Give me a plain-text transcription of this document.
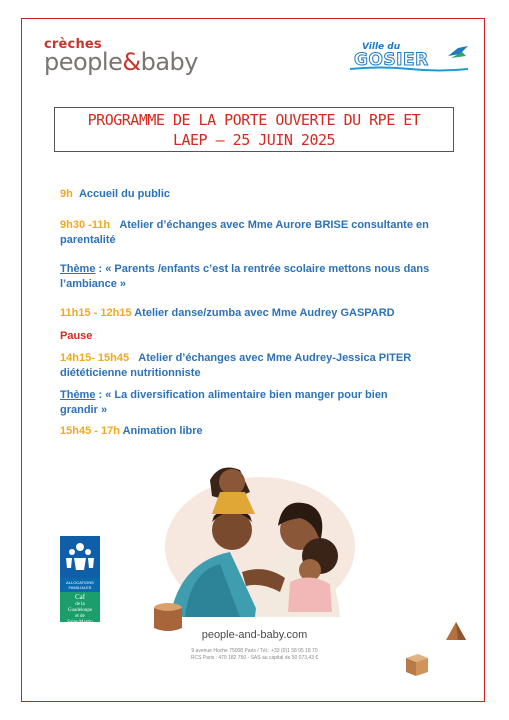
crèches
people&baby
Ville du
GOSIER
PROGRAMME DE LA PORTE OUVERTE DU RPE ET
LAEP – 25 JUIN 2025
9h Accueil du public
9h30 -11h Atelier d’échanges avec Mme Aurore BRISE consultante en
parentalité
Thème : « Parents /enfants c’est la rentrée scolaire mettons nous dans
l’ambiance »
11h15 - 12h15 Atelier danse/zumba avec Mme Audrey GASPARD
Pause
14h15- 15h45 Atelier d’échanges avec Mme Audrey-Jessica PITER
diététicienne nutritionniste
Thème : « La diversification alimentaire bien manger pour bien
grandir »
15h45 - 17h Animation libre
ALLOCATIONS
FAMILIALES
Caf
de la
Guadeloupe
et de
Saint-Martin
people-and-baby.com
9 avenue Hoche 75008 Paris / Tél.: +33 (0)1 58 05 18 70
RCS Paris : 479 182 750 - SAS au capital de 50 073,43 €
